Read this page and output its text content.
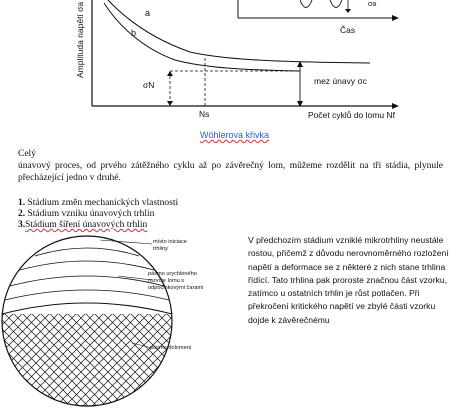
Amplituda napětí σa	a
b
σN
Ns
mez únavy σc
Počet cyklů do lomu Nf
σa
Čas
Wöhlerova křivka
Celý
únavový proces, od prvého zátěžného cyklu až po závěrečný lom, můžeme rozdělit na tři stádia, plynule přecházející jedno v druhé.
1. Stádium změn mechanických vlastností
2. Stádium vzniku únavových trhlin
3.Stádium šíření únavových trhlin
místo iniciace trhliny
pásmo urychleného rozvoje lomu s odpočinkovými čarami
pásmo dolomení
V předchozím stádium vzniklé mikrotrhliny neustále rostou, přičemž z důvodu nerovnoměrného rozložení napětí a deformace se z některé z nich stane trhlina řídící. Tato trhlina pak proroste značnou část vzorku, zatímco u ostatních trhlin je růst potlačen. Při překročení kritického napětí ve zbylé části vzorku dojde k závěrečnému
